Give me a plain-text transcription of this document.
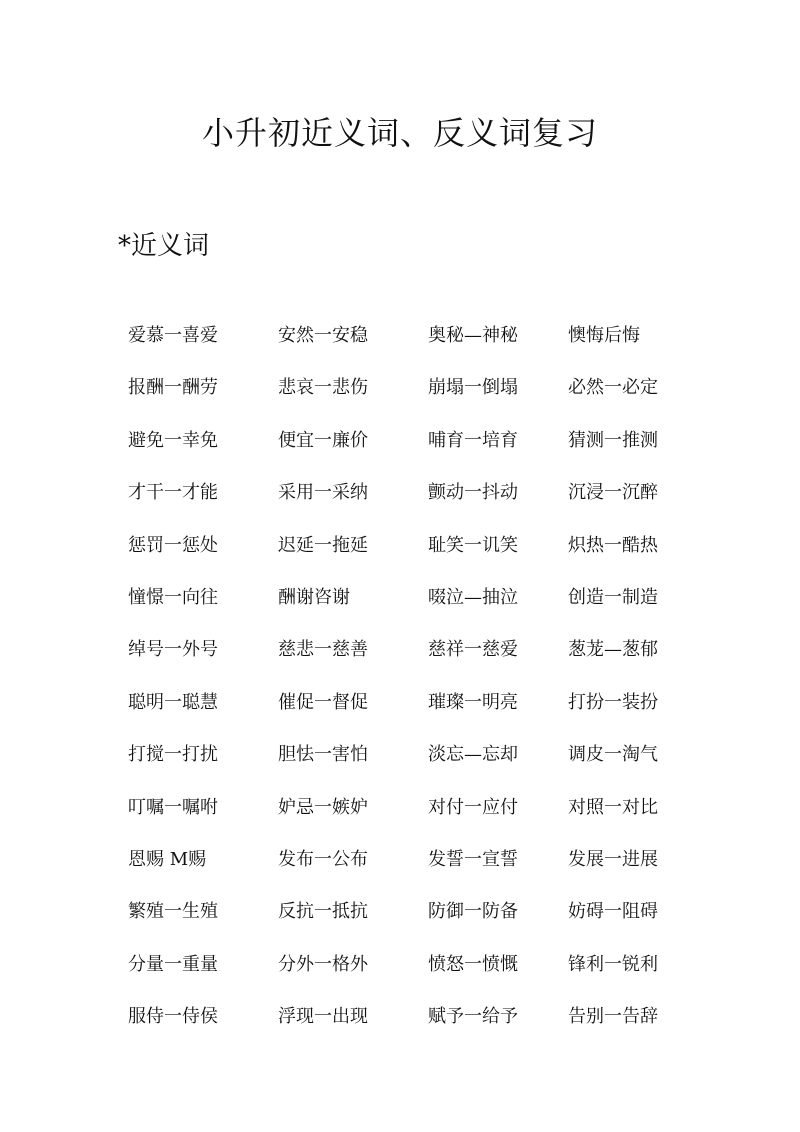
小升初近义词、反义词复习
*近义词
爱慕一喜爱	安然一安稳	奥秘—神秘	懊悔后悔
报酬一酬劳	悲哀一悲伤	崩塌一倒塌	必然一必定
避免一幸免	便宜一廉价	哺育一培育	猜测一推测
才干一才能	采用一采纳	颤动一抖动	沉浸一沉醉
惩罚一惩处	迟延一拖延	耻笑一讥笑	炽热一酷热
憧憬一向往	酬谢咨谢	啜泣—抽泣	创造一制造
绰号一外号	慈悲一慈善	慈祥一慈爱	葱茏—葱郁
聪明一聪慧	催促一督促	璀璨一明亮	打扮一装扮
打搅一打扰	胆怯一害怕	淡忘—忘却	调皮一淘气
叮嘱一嘱咐	妒忌一嫉妒	对付一应付	对照一对比
恩赐 M赐	发布一公布	发誓一宣誓	发展一进展
繁殖一生殖	反抗一抵抗	防御一防备	妨碍一阻碍
分量一重量	分外一格外	愤怒一愤慨	锋利一锐利
服侍一侍侯	浮现一出现	赋予一给予	告别一告辞
